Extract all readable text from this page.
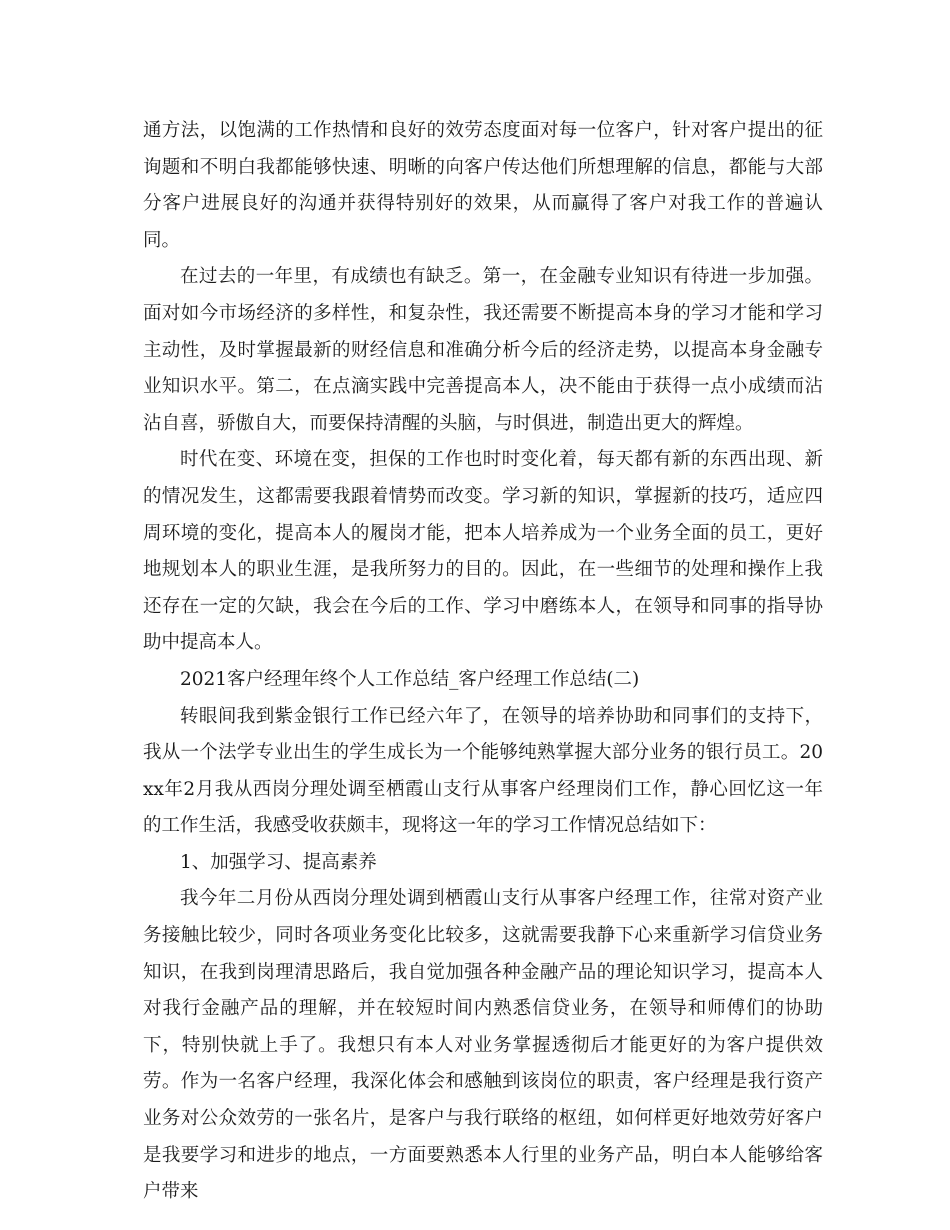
通方法，以饱满的工作热情和良好的效劳态度面对每一位客户，针对客户提出的征询题和不明白我都能够快速、明晰的向客户传达他们所想理解的信息，都能与大部分客户进展良好的沟通并获得特别好的效果，从而赢得了客户对我工作的普遍认同。

在过去的一年里，有成绩也有缺乏。第一，在金融专业知识有待进一步加强。面对如今市场经济的多样性，和复杂性，我还需要不断提高本身的学习才能和学习主动性，及时掌握最新的财经信息和准确分析今后的经济走势，以提高本身金融专业知识水平。第二，在点滴实践中完善提高本人，决不能由于获得一点小成绩而沾沾自喜，骄傲自大，而要保持清醒的头脑，与时俱进，制造出更大的辉煌。

时代在变、环境在变，担保的工作也时时变化着，每天都有新的东西出现、新的情况发生，这都需要我跟着情势而改变。学习新的知识，掌握新的技巧，适应四周环境的变化，提高本人的履岗才能，把本人培养成为一个业务全面的员工，更好地规划本人的职业生涯，是我所努力的目的。因此，在一些细节的处理和操作上我还存在一定的欠缺，我会在今后的工作、学习中磨练本人，在领导和同事的指导协助中提高本人。

2021客户经理年终个人工作总结_客户经理工作总结(二)

转眼间我到紫金银行工作已经六年了，在领导的培养协助和同事们的支持下，我从一个法学专业出生的学生成长为一个能够纯熟掌握大部分业务的银行员工。20xx年2月我从西岗分理处调至栖霞山支行从事客户经理岗们工作，静心回忆这一年的工作生活，我感受收获颇丰，现将这一年的学习工作情况总结如下：

1、加强学习、提高素养

我今年二月份从西岗分理处调到栖霞山支行从事客户经理工作，往常对资产业务接触比较少，同时各项业务变化比较多，这就需要我静下心来重新学习信贷业务知识，在我到岗理清思路后，我自觉加强各种金融产品的理论知识学习，提高本人对我行金融产品的理解，并在较短时间内熟悉信贷业务，在领导和师傅们的协助下，特别快就上手了。我想只有本人对业务掌握透彻后才能更好的为客户提供效劳。作为一名客户经理，我深化体会和感触到该岗位的职责，客户经理是我行资产业务对公众效劳的一张名片，是客户与我行联络的枢纽，如何样更好地效劳好客户是我要学习和进步的地点，一方面要熟悉本人行里的业务产品，明白本人能够给客户带来
